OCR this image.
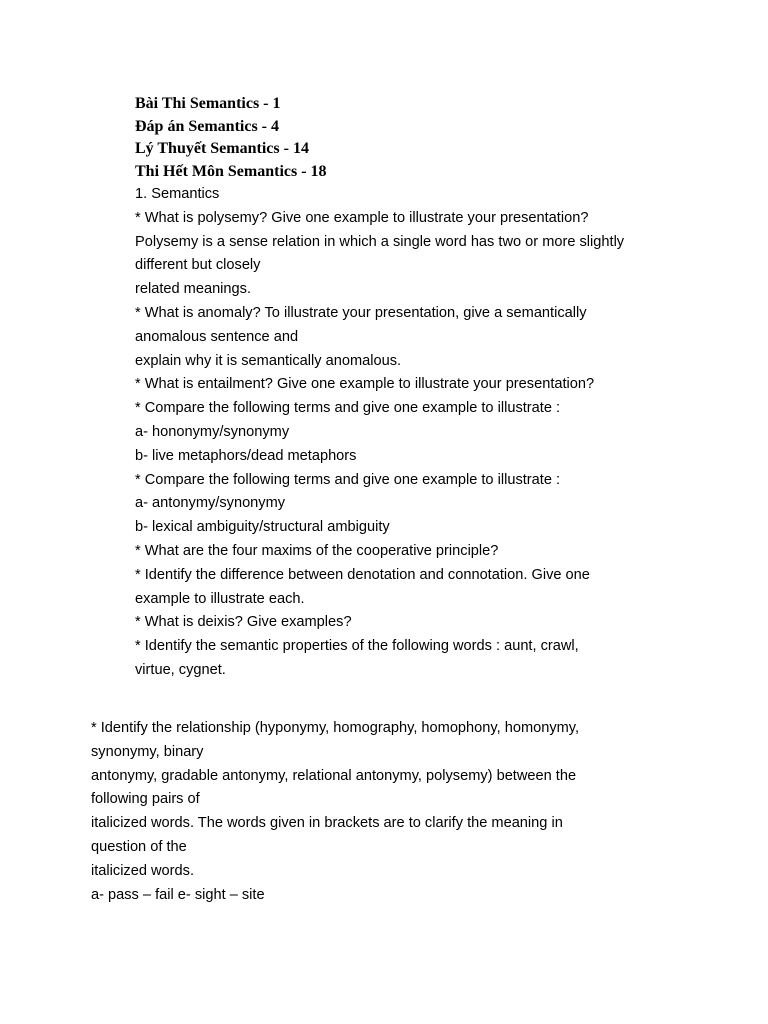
Bài Thi Semantics - 1
Đáp án Semantics - 4
Lý Thuyết Semantics - 14
Thi Hết Môn Semantics - 18
1. Semantics
* What is polysemy? Give one example to illustrate your presentation?
Polysemy is a sense relation in which a single word has two or more slightly
different but closely
related meanings.
* What is anomaly? To illustrate your presentation, give a semantically
anomalous sentence and
explain why it is semantically anomalous.
* What is entailment? Give one example to illustrate your presentation?
* Compare the following terms and give one example to illustrate :
a- hononymy/synonymy
b- live metaphors/dead metaphors
* Compare the following terms and give one example to illustrate :
a- antonymy/synonymy
b- lexical ambiguity/structural ambiguity
* What are the four maxims of the cooperative principle?
* Identify the difference between denotation and connotation. Give one
example to illustrate each.
* What is deixis? Give examples?
* Identify the semantic properties of the following words : aunt, crawl,
virtue, cygnet.
* Identify the relationship (hyponymy, homography, homophony, homonymy,
synonymy, binary
antonymy, gradable antonymy, relational antonymy, polysemy) between the
following pairs of
italicized words. The words given in brackets are to clarify the meaning in
question of the
italicized words.
a- pass – fail e- sight – site
